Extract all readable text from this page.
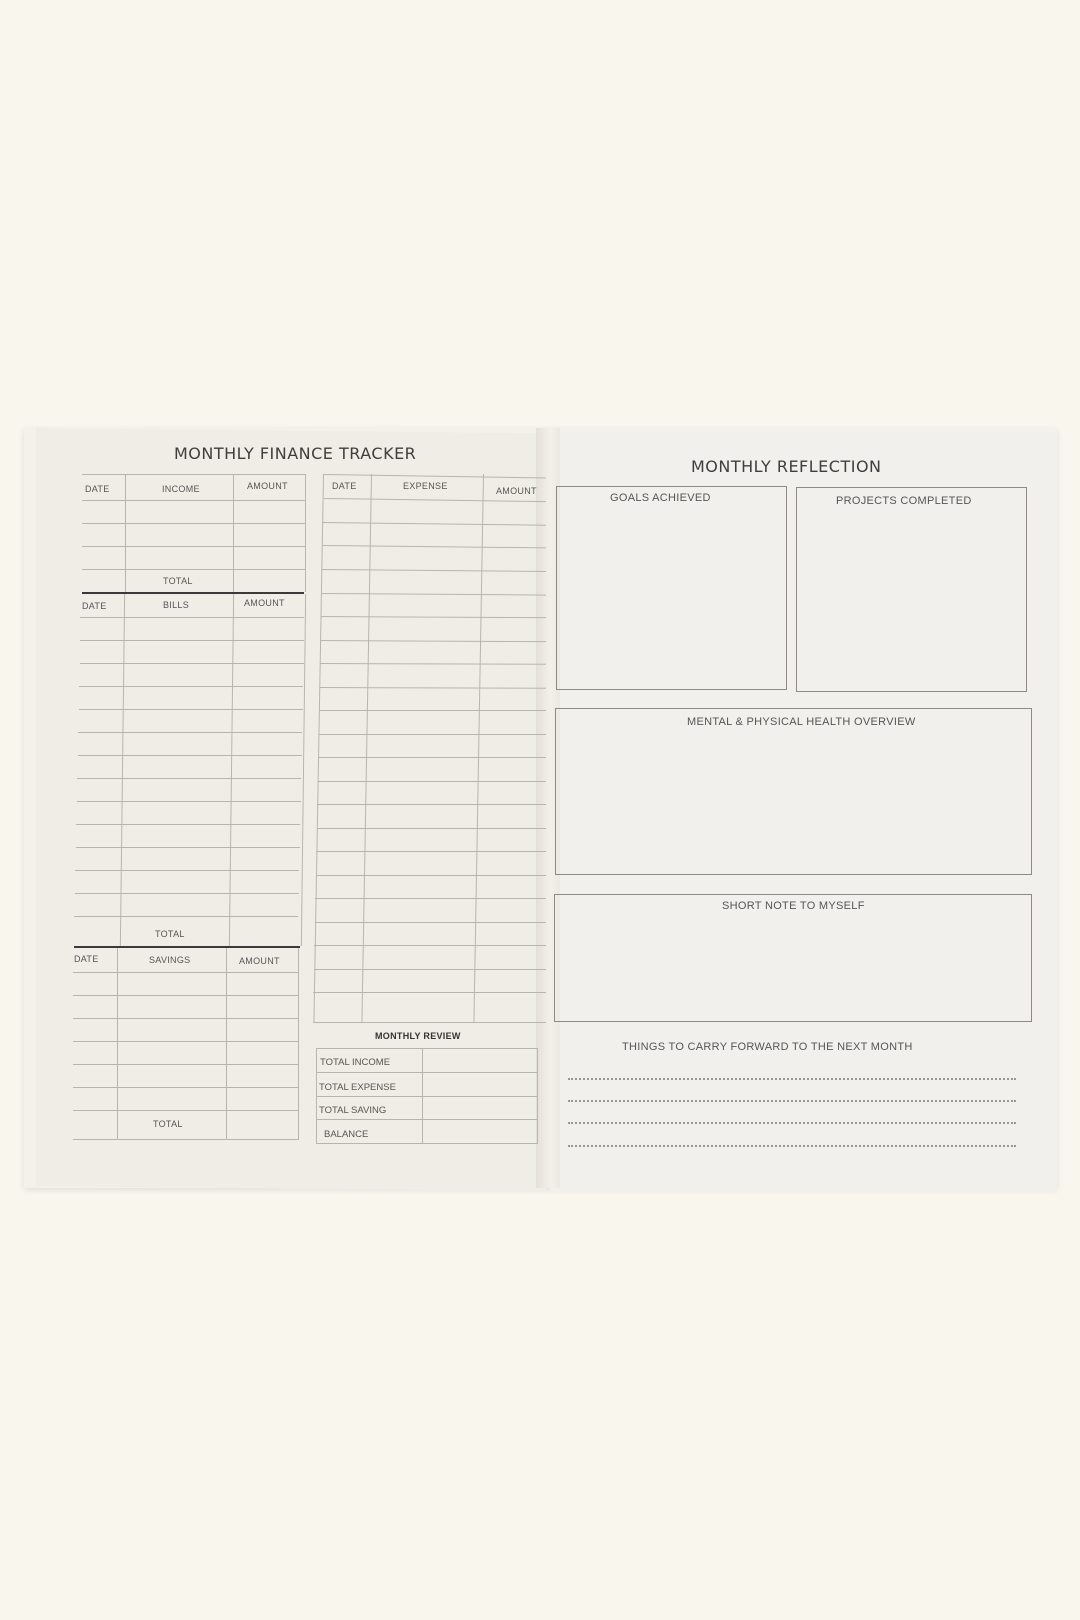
MONTHLY FINANCE TRACKER
DATE	INCOME	AMOUNT
TOTAL
DATE	BILLS	AMOUNT
TOTAL
DATE	SAVINGS	AMOUNT
TOTAL
DATE	EXPENSE	AMOUNT
MONTHLY REVIEW
TOTAL INCOME
TOTAL EXPENSE
TOTAL SAVING
BALANCE
MONTHLY REFLECTION
GOALS ACHIEVED	PROJECTS COMPLETED
MENTAL & PHYSICAL HEALTH OVERVIEW
SHORT NOTE TO MYSELF
THINGS TO CARRY FORWARD TO THE NEXT MONTH
